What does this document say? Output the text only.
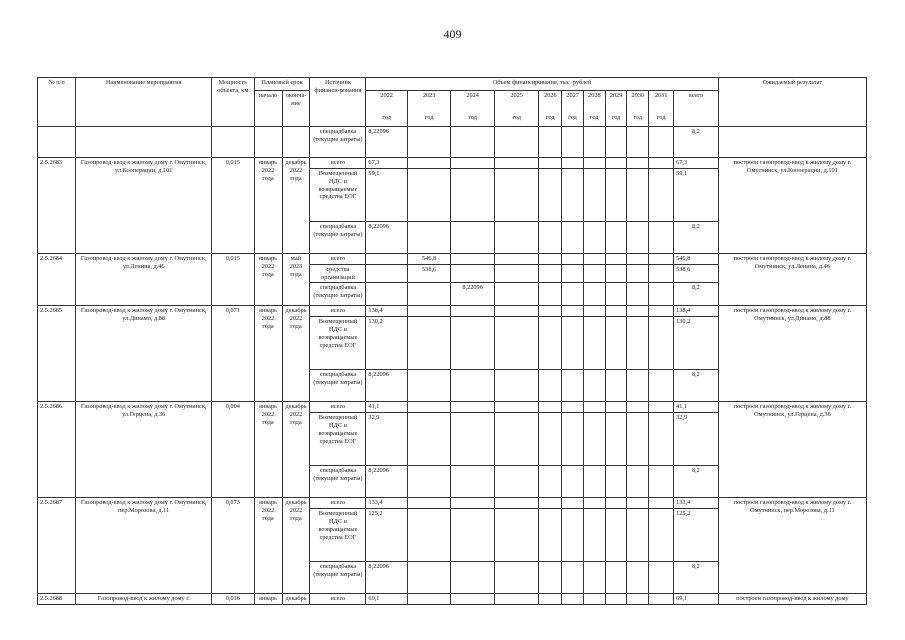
409
№ п/п	Наименование мероприятия	Мощность объекта, км	Плановый срок		Источник финанси-рования	Объем финансирования, тыс. рублей											Ожидаемый результат
			начало	оконча-ние		2022	2023	2024	2025	2026	2027	2028	2029	2030	2031	всего	
						год	год	год	год	год	год	год	год	год	год		
					спецнадбавка (текущие затраты)	8,22096										8,2	
2.5.2683	Газопровод-ввод к жилому дому г. Омутнинск, ул.Кооперации, д.101	0,015	январь 2022 года	декабрь 2022 года	всего	67,3										67,3	построен газопровод-ввод к жилому дому г. Омутнинск, ул.Кооперации, д.101
					Возмещенный НДС и возвращаемые средства ЕОГ	59,1										59,1	
					спецнадбавка (текущие затраты)	8,22096										8,2	
2.5.2684	Газопровод-ввод к жилому дому г. Омутнинск, ул.Ленина, д.46	0,015	январь 2022 года	май 2023 года	всего		546,8									546,8	построен газопровод-ввод к жилому дому г. Омутнинск, ул.Ленина, д.46
					средства организаций		538,6									538,6	
					спецнадбавка (текущие затраты)			8,22096								8,2	
2.5.2685	Газопровод-ввод к жилому дому г. Омутнинск, ул.Динамо, д.88	0,071	январь 2022 года	декабрь 2022 года	всего	138,4										138,4	построен газопровод-ввод к жилому дому г. Омутнинск, ул.Динамо, д.88
					Возмещенный НДС и возвращаемые средства ЕОГ	130,2										130,2	
					спецнадбавка (текущие затраты)	8,22096										8,2	
2.5.2686.	Газопровод-ввод к жилому дому г. Омутнинск, ул.Герцена, д.36	0,004	январь 2022 года	декабрь 2022 года	всего	41,1										41,1	построен газопровод-ввод к жилому дому г. Омутнинск, ул.Герцена, д.36
					Возмещенный НДС и возвращаемые средства ЕОГ	32,9										32,9	
					спецнадбавка (текущие затраты)	8,22096										8,2	
2.5.2687	Газопровод-ввод к жилому дому г. Омутнинск, пер.Морозова, д.11	0,073	январь 2022 года	декабрь 2022 года	всего	133,4										133,4	построен газопровод-ввод к жилому дому г. Омутнинск, пер.Морозова, д.11
					Возмещенный НДС и возвращаемые средства ЕОГ	125,2										125,2	
					спецнадбавка (текущие затраты)	8,22096										8,2	
2.5.2688	Газопровод-ввод к жилому дому г.	0,016	январь	декабрь	всего	69,1										69,1	построен газопровод-ввод к жилому дому
